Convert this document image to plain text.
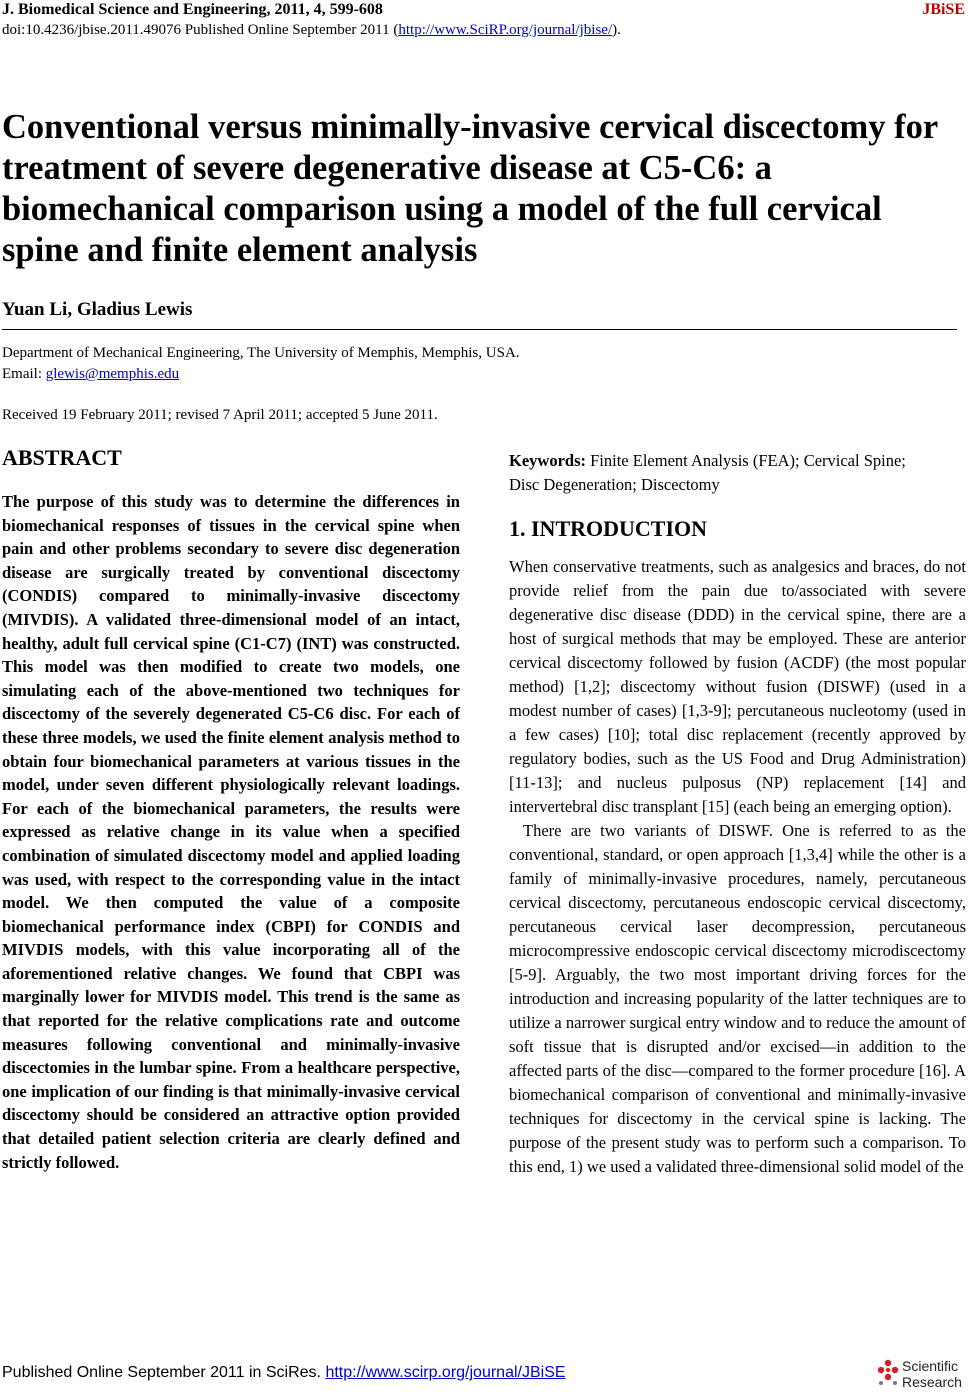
J. Biomedical Science and Engineering, 2011, 4, 599-608	JBiSE
doi:10.4236/jbise.2011.49076 Published Online September 2011 (http://www.SciRP.org/journal/jbise/).
Conventional versus minimally-invasive cervical discectomy for treatment of severe degenerative disease at C5-C6: a biomechanical comparison using a model of the full cervical spine and finite element analysis
Yuan Li, Gladius Lewis
Department of Mechanical Engineering, The University of Memphis, Memphis, USA.
Email: glewis@memphis.edu
Received 19 February 2011; revised 7 April 2011; accepted 5 June 2011.
ABSTRACT
The purpose of this study was to determine the differences in biomechanical responses of tissues in the cervical spine when pain and other problems secondary to severe disc degeneration disease are surgically treated by conventional discectomy (CONDIS) compared to minimally-invasive discectomy (MIVDIS). A validated three-dimensional model of an intact, healthy, adult full cervical spine (C1-C7) (INT) was constructed. This model was then modified to create two models, one simulating each of the above-mentioned two techniques for discectomy of the severely degenerated C5-C6 disc. For each of these three models, we used the finite element analysis method to obtain four biomechanical parameters at various tissues in the model, under seven different physiologically relevant loadings. For each of the biomechanical parameters, the results were expressed as relative change in its value when a specified combination of simulated discectomy model and applied loading was used, with respect to the corresponding value in the intact model. We then computed the value of a composite biomechanical performance index (CBPI) for CONDIS and MIVDIS models, with this value incorporating all of the aforementioned relative changes. We found that CBPI was marginally lower for MIVDIS model. This trend is the same as that reported for the relative complications rate and outcome measures following conventional and minimally-invasive discectomies in the lumbar spine. From a healthcare perspective, one implication of our finding is that minimally-invasive cervical discectomy should be considered an attractive option provided that detailed patient selection criteria are clearly defined and strictly followed.
Keywords: Finite Element Analysis (FEA); Cervical Spine; Disc Degeneration; Discectomy
1. INTRODUCTION

When conservative treatments, such as analgesics and braces, do not provide relief from the pain due to/associated with severe degenerative disc disease (DDD) in the cervical spine, there are a host of surgical methods that may be employed. These are anterior cervical discectomy followed by fusion (ACDF) (the most popular method) [1,2]; discectomy without fusion (DISWF) (used in a modest number of cases) [1,3-9]; percutaneous nucleotomy (used in a few cases) [10]; total disc replacement (recently approved by regulatory bodies, such as the US Food and Drug Administration) [11-13]; and nucleus pulposus (NP) replacement [14] and intervertebral disc transplant [15] (each being an emerging option).

There are two variants of DISWF. One is referred to as the conventional, standard, or open approach [1,3,4] while the other is a family of minimally-invasive procedures, namely, percutaneous cervical discectomy, percutaneous endoscopic cervical discectomy, percutaneous cervical laser decompression, percutaneous microcompressive endoscopic cervical discectomy microdiscectomy [5-9]. Arguably, the two most important driving forces for the introduction and increasing popularity of the latter techniques are to utilize a narrower surgical entry window and to reduce the amount of soft tissue that is disrupted and/or excised—in addition to the affected parts of the disc—compared to the former procedure [16]. A biomechanical comparison of conventional and minimally-invasive techniques for discectomy in the cervical spine is lacking. The purpose of the present study was to perform such a comparison. To this end, 1) we used a validated three-dimensional solid model of the

Published Online September 2011 in SciRes. http://www.scirp.org/journal/JBiSE	Scientific
Research
